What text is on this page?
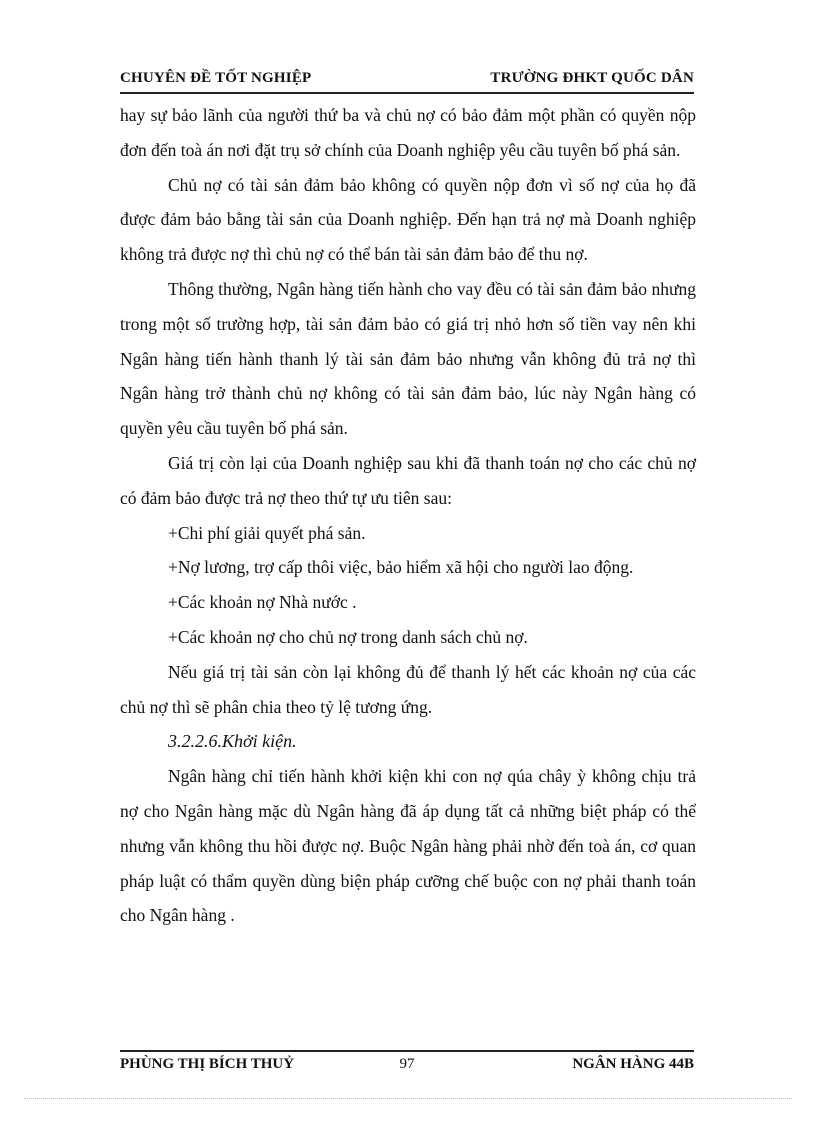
CHUYÊN ĐỀ TỐT NGHIỆP	TRƯỜNG ĐHKT QUỐC DÂN

hay sự bảo lãnh của người thứ ba và chủ nợ có bảo đảm một phần có quyền nộp đơn đến toà án nơi đặt trụ sở chính của Doanh nghiệp yêu cầu tuyên bố phá sản.

Chủ nợ có tài sản đảm bảo không có quyền nộp đơn vì số nợ của họ đã được đảm bảo bằng tài sản của Doanh nghiệp. Đến hạn trả nợ mà Doanh nghiệp không trả được nợ thì chủ nợ có thể bán tài sản đảm bảo để thu nợ.

Thông thường, Ngân hàng tiến hành cho vay đều có tài sản đảm bảo nhưng trong một số trường hợp, tài sản đảm bảo có giá trị nhỏ hơn số tiền vay nên khi Ngân hàng tiến hành thanh lý tài sản đảm bảo nhưng vẫn không đủ trả nợ thì Ngân hàng trở thành chủ nợ không có tài sản đảm bảo, lúc này Ngân hàng có quyền yêu cầu tuyên bố phá sản.

Giá trị còn lại của Doanh nghiệp sau khi đã thanh toán nợ cho các chủ nợ có đảm bảo được trả nợ theo thứ tự ưu tiên sau:

+Chi phí giải quyết phá sản.

+Nợ lương, trợ cấp thôi việc, bảo hiểm xã hội cho người lao động.

+Các khoản nợ Nhà nước .

+Các khoản nợ cho chủ nợ trong danh sách chủ nợ.

Nếu giá trị tài sản còn lại không đủ để thanh lý hết các khoản nợ của các chủ nợ thì sẽ phân chia theo tỷ lệ tương ứng.

3.2.2.6.Khởi kiện.

Ngân hàng chỉ tiến hành khởi kiện khi con nợ qúa chây ỳ không chịu trả nợ cho Ngân hàng mặc dù Ngân hàng đã áp dụng tất cả những biệt pháp có thể nhưng vẫn không thu hồi được nợ. Buộc Ngân hàng phải nhờ đến toà án, cơ quan pháp luật có thẩm quyền dùng biện pháp cưỡng chế buộc con nợ phải thanh toán cho Ngân hàng .

PHÙNG THỊ BÍCH THUỶ	97	NGÂN HÀNG 44B
